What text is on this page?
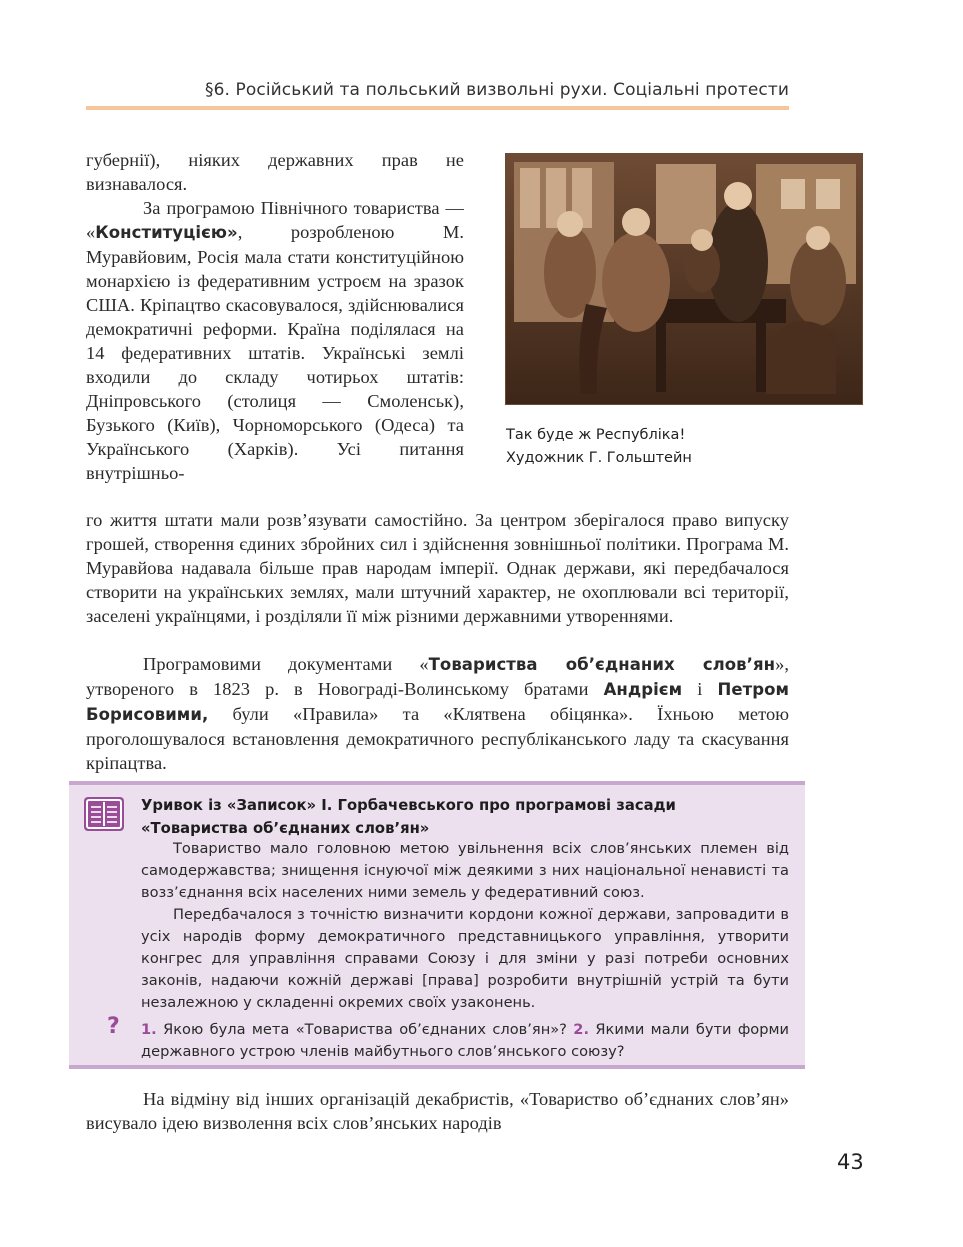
§6. Російський та польський визвольні рухи. Соціальні протести

губернії), ніяких державних прав не визнавалося.

За програмою Північного товариства — «Конституцією», розробленою М. Муравйовим, Росія мала стати конституційною монархією із федеративним устроєм на зразок США. Кріпацтво скасовувалося, здійснювалися демократичні реформи. Країна поділялася на 14 федеративних штатів. Українські землі входили до складу чотирьох штатів: Дніпровського (столиця — Смоленськ), Бузького (Київ), Чорноморського (Одеса) та Українського (Харків). Усі питання внутрішньо-

го життя штати мали розв’язувати самостійно. За центром зберігалося право випуску грошей, створення єдиних збройних сил і здійснення зовнішньої політики. Програма М. Муравйова надавала більше прав народам імперії. Однак держави, які передбачалося створити на українських землях, мали штучний характер, не охоплювали всі території, заселені українцями, і розділяли її між різними державними утвореннями.

Так буде ж Республіка!
Художник Г. Гольштейн

Програмовими документами «Товариства об’єднаних слов’ян», утвореного в 1823 р. в Новограді-Волинському братами Андрієм і Петром Борисовими, були «Правила» та «Клятвена обіцянка». Їхньою метою проголошувалося встановлення демократичного республіканського ладу та скасування кріпацтва.

Уривок із «Записок» І. Горбачевського про програмові засади
«Товариства об’єднаних слов’ян»

Товариство мало головною метою увільнення всіх слов’янських племен від самодержавства; знищення існуючої між деякими з них національної ненависті та возз’єднання всіх населених ними земель у федеративний союз.

Передбачалося з точністю визначити кордони кожної держави, запровадити в усіх народів форму демократичного представницького управління, утворити конгрес для управління справами Союзу і для зміни у разі потреби основних законів, надаючи кожній державі [права] розробити внутрішній устрій та бути незалежною у складенні окремих своїх узаконень.

? 1. Якою була мета «Товариства об’єднаних слов’ян»? 2. Якими мали бути форми державного устрою членів майбутнього слов’янського союзу?

На відміну від інших організацій декабристів, «Товариство об’єднаних слов’ян» висувало ідею визволення всіх слов’янських народів

43
